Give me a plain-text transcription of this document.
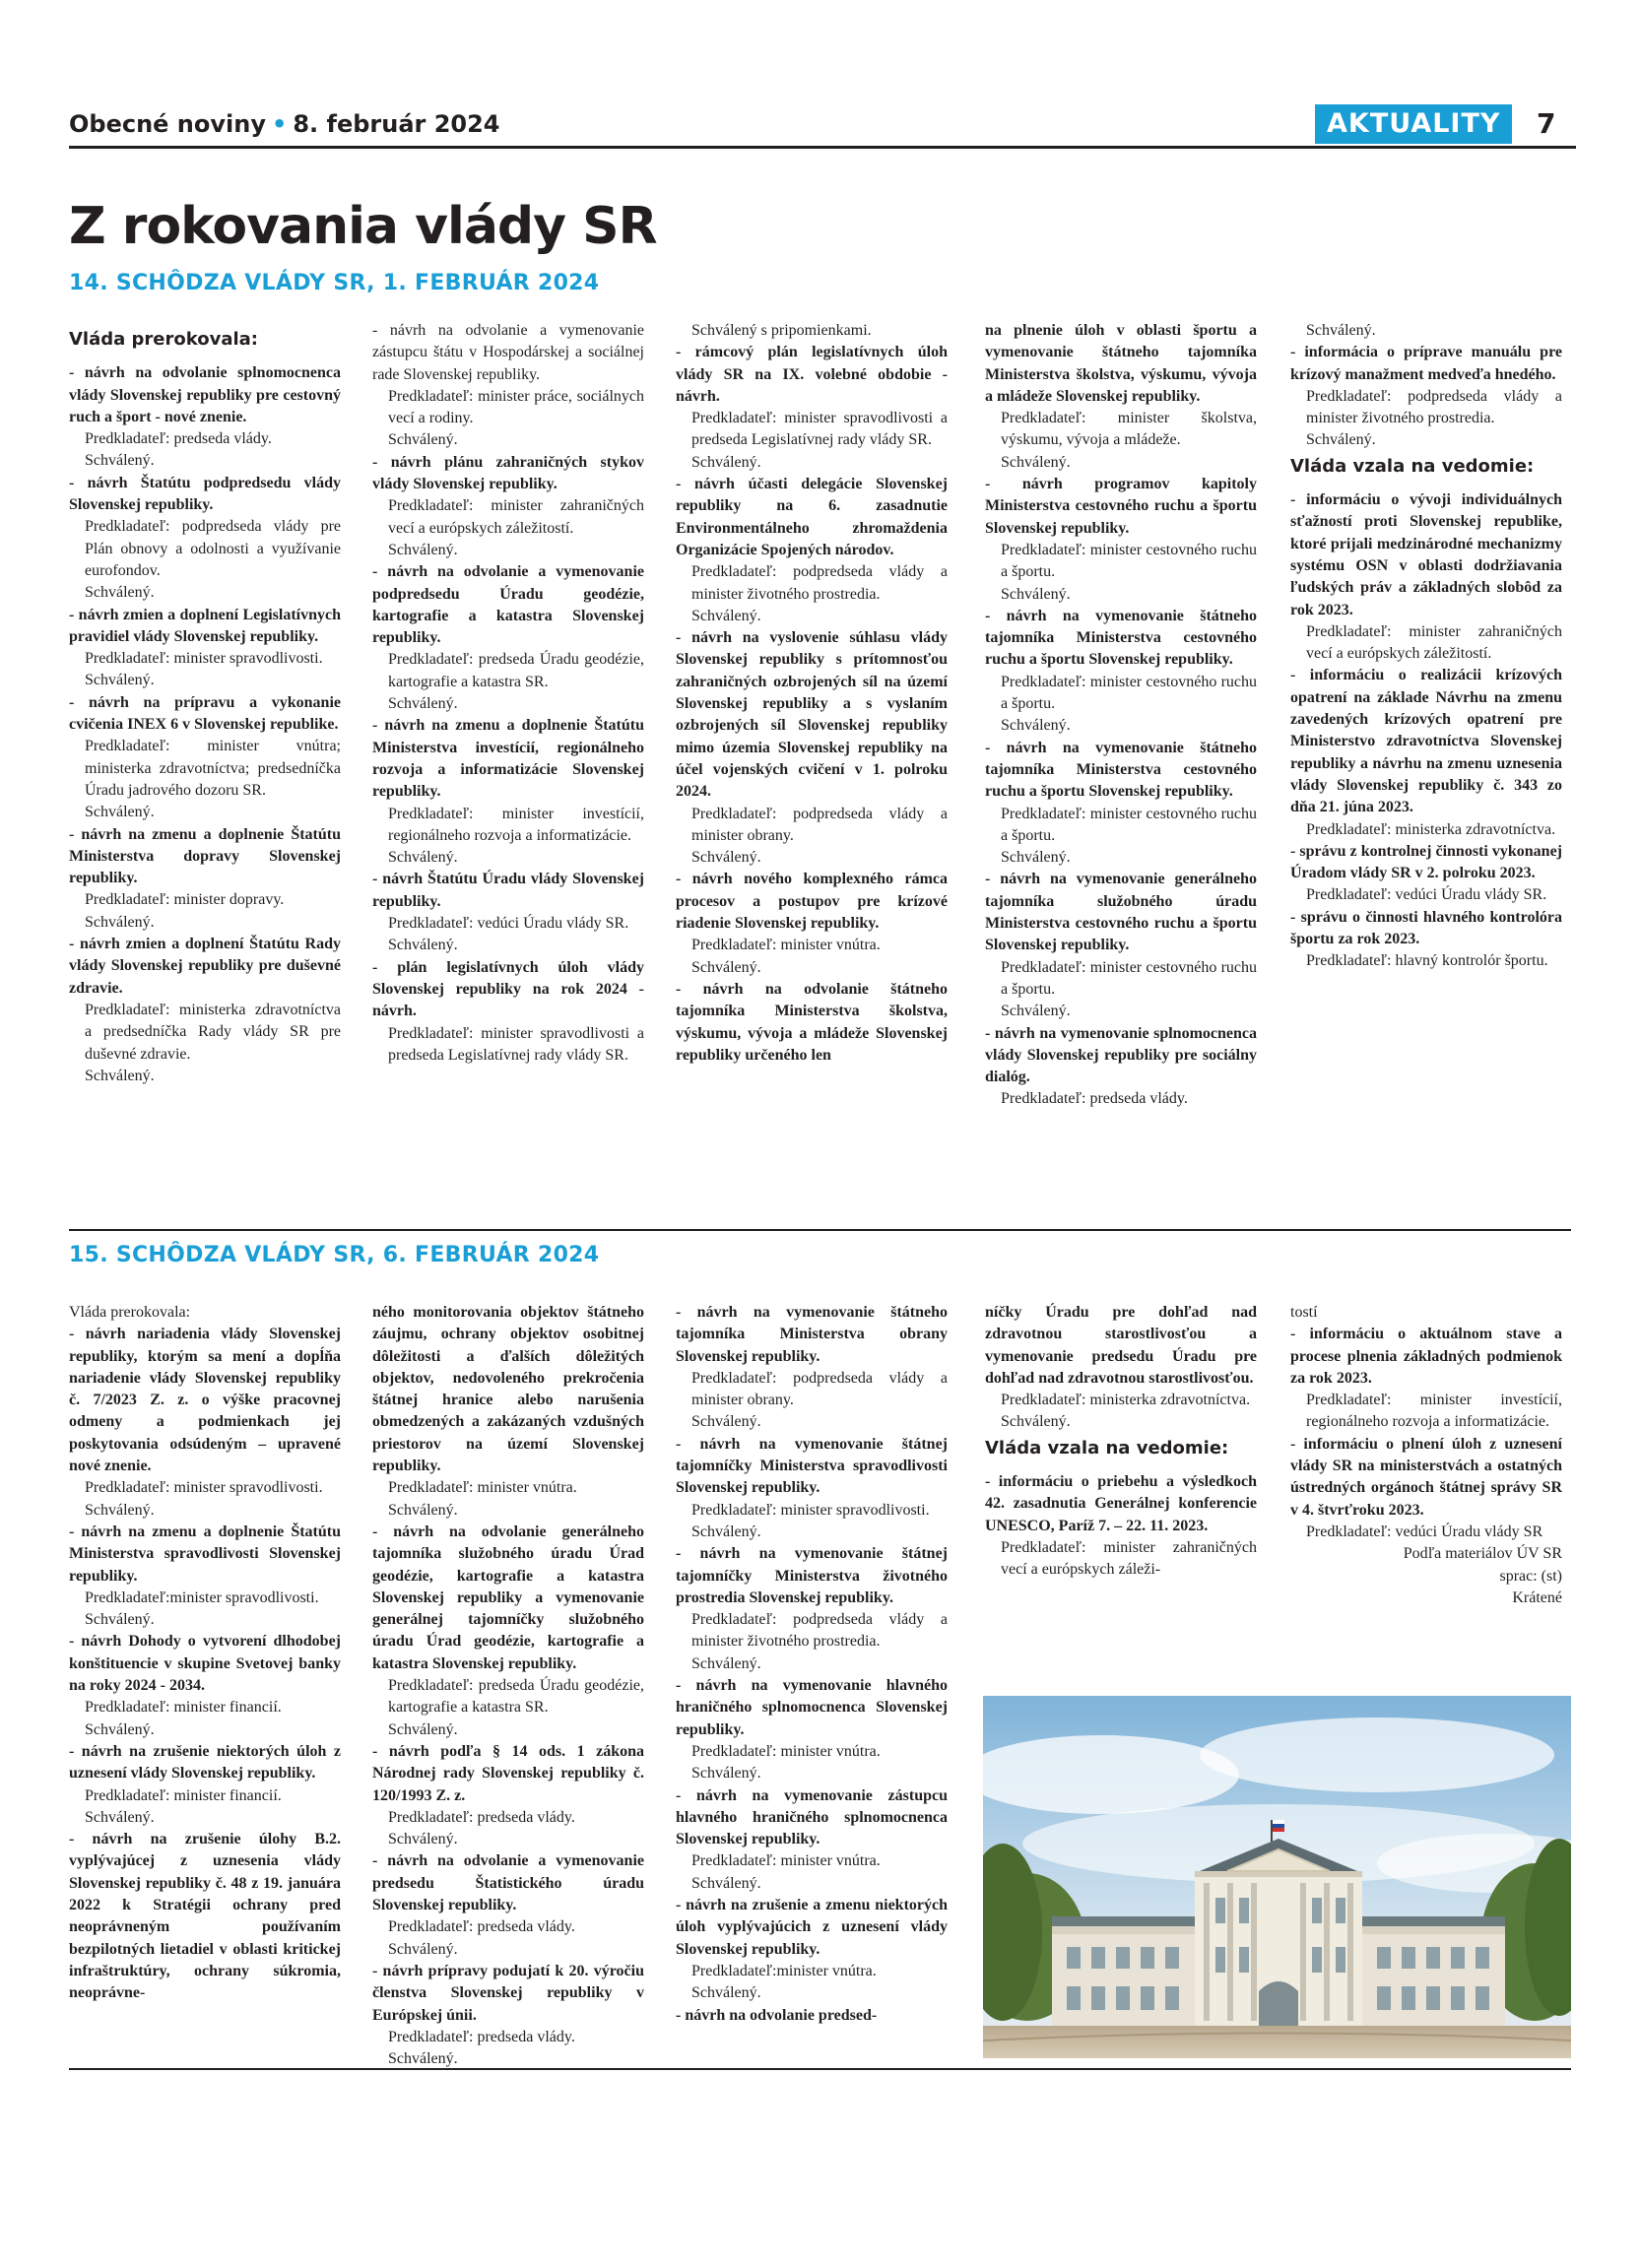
Obecné noviny • 8. február 2024	AKTUALITY	7
Z rokovania vlády SR
14. SCHÔDZA VLÁDY SR, 1. FEBRUÁR 2024
15. SCHÔDZA VLÁDY SR, 6. FEBRUÁR 2024
Vláda prerokovala:
- návrh na odvolanie splnomocnenca vlády Slovenskej republiky pre cestovný ruch a šport - nové znenie.
Predkladateľ: predseda vlády.
Schválený.
- návrh Štatútu podpredsedu vlády Slovenskej republiky.
Predkladateľ: podpredseda vlády pre Plán obnovy a odolnosti a využívanie eurofondov.
Schválený.
- návrh zmien a doplnení Legislatívnych pravidiel vlády Slovenskej republiky.
Predkladateľ: minister spravodlivosti.
Schválený.
- návrh na prípravu a vykonanie cvičenia INEX 6 v Slovenskej republike.
Predkladateľ: minister vnútra; ministerka zdravotníctva; predsedníčka Úradu jadrového dozoru SR.
Schválený.
- návrh na zmenu a doplnenie Štatútu Ministerstva dopravy Slovenskej republiky.
Predkladateľ: minister dopravy.
Schválený.
- návrh zmien a doplnení Štatútu Rady vlády Slovenskej republiky pre duševné zdravie.
Predkladateľ: ministerka zdravotníctva a predsedníčka Rady vlády SR pre duševné zdravie.
Schválený.
- návrh na odvolanie a vymenovanie zástupcu štátu v Hospodárskej a sociálnej rade Slovenskej republiky.
Predkladateľ: minister práce, sociálnych vecí a rodiny.
Schválený.
- návrh plánu zahraničných stykov vlády Slovenskej republiky.
Predkladateľ: minister zahraničných vecí a európskych záležitostí.
Schválený.
- návrh na odvolanie a vymenovanie podpredsedu Úradu geodézie, kartografie a katastra Slovenskej republiky.
Predkladateľ: predseda Úradu geodézie, kartografie a katastra SR.
Schválený.
- návrh na zmenu a doplnenie Štatútu Ministerstva investícií, regionálneho rozvoja a informatizácie Slovenskej republiky.
Predkladateľ: minister investícií, regionálneho rozvoja a informatizácie.
Schválený.
- návrh Štatútu Úradu vlády Slovenskej republiky.
Predkladateľ: vedúci Úradu vlády SR.
Schválený.
- plán legislatívnych úloh vlády Slovenskej republiky na rok 2024 - návrh.
Predkladateľ: minister spravodlivosti a predseda Legislatívnej rady vlády SR.
Schválený s pripomienkami.
- rámcový plán legislatívnych úloh vlády SR na IX. volebné obdobie - návrh.
Predkladateľ: minister spravodlivosti a predseda Legislatívnej rady vlády SR.
Schválený.
- návrh účasti delegácie Slovenskej republiky na 6. zasadnutie Environmentálneho zhromaždenia Organizácie Spojených národov.
Predkladateľ: podpredseda vlády a minister životného prostredia.
Schválený.
- návrh na vyslovenie súhlasu vlády Slovenskej republiky s prítomnosťou zahraničných ozbrojených síl na území Slovenskej republiky a s vyslaním ozbrojených síl Slovenskej republiky mimo územia Slovenskej republiky na účel vojenských cvičení v 1. polroku 2024.
Predkladateľ: podpredseda vlády a minister obrany.
Schválený.
- návrh nového komplexného rámca procesov a postupov pre krízové riadenie Slovenskej republiky.
Predkladateľ: minister vnútra.
Schválený.
- návrh na odvolanie štátneho tajomníka Ministerstva školstva, výskumu, vývoja a mládeže Slovenskej republiky určeného len
na plnenie úloh v oblasti športu a vymenovanie štátneho tajomníka Ministerstva školstva, výskumu, vývoja a mládeže Slovenskej republiky.
Predkladateľ: minister školstva, výskumu, vývoja a mládeže.
Schválený.
- návrh programov kapitoly Ministerstva cestovného ruchu a športu Slovenskej republiky.
Predkladateľ: minister cestovného ruchu a športu.
Schválený.
- návrh na vymenovanie štátneho tajomníka Ministerstva cestovného ruchu a športu Slovenskej republiky.
Predkladateľ: minister cestovného ruchu a športu.
Schválený.
- návrh na vymenovanie štátneho tajomníka Ministerstva cestovného ruchu a športu Slovenskej republiky.
Predkladateľ: minister cestovného ruchu a športu.
Schválený.
- návrh na vymenovanie generálneho tajomníka služobného úradu Ministerstva cestovného ruchu a športu Slovenskej republiky.
Predkladateľ: minister cestovného ruchu a športu.
Schválený.
- návrh na vymenovanie splnomocnenca vlády Slovenskej republiky pre sociálny dialóg.
Predkladateľ: predseda vlády.
Schválený.
- informácia o príprave manuálu pre krízový manažment medveďa hnedého.
Predkladateľ: podpredseda vlády a minister životného prostredia.
Schválený.
Vláda vzala na vedomie:
- informáciu o vývoji individuálnych sťažností proti Slovenskej republike, ktoré prijali medzinárodné mechanizmy systému OSN v oblasti dodržiavania ľudských práv a základných slobôd za rok 2023.
Predkladateľ: minister zahraničných vecí a európskych záležitostí.
- informáciu o realizácii krízových opatrení na základe Návrhu na zmenu zavedených krízových opatrení pre Ministerstvo zdravotníctva Slovenskej republiky a návrhu na zmenu uznesenia vlády Slovenskej republiky č. 343 zo dňa 21. júna 2023.
Predkladateľ: ministerka zdravotníctva.
- správu z kontrolnej činnosti vykonanej Úradom vlády SR v 2. polroku 2023.
Predkladateľ: vedúci Úradu vlády SR.
- správu o činnosti hlavného kontrolóra športu za rok 2023.
Predkladateľ: hlavný kontrolór športu.
Vláda prerokovala:
- návrh nariadenia vlády Slovenskej republiky, ktorým sa mení a dopĺňa nariadenie vlády Slovenskej republiky č. 7/2023 Z. z. o výške pracovnej odmeny a podmienkach jej poskytovania odsúdeným – upravené nové znenie.
Predkladateľ: minister spravodlivosti.
Schválený.
- návrh na zmenu a doplnenie Štatútu Ministerstva spravodlivosti Slovenskej republiky.
Predkladateľ:minister spravodlivosti.
Schválený.
- návrh Dohody o vytvorení dlhodobej konštituencie v skupine Svetovej banky na roky 2024 - 2034.
Predkladateľ: minister financií.
Schválený.
- návrh na zrušenie niektorých úloh z uznesení vlády Slovenskej republiky.
Predkladateľ: minister financií.
Schválený.
- návrh na zrušenie úlohy B.2. vyplývajúcej z uznesenia vlády Slovenskej republiky č. 48 z 19. januára 2022 k Stratégii ochrany pred neoprávneným používaním bezpilotných lietadiel v oblasti kritickej infraštruktúry, ochrany súkromia, neoprávne-
ného monitorovania objektov štátneho záujmu, ochrany objektov osobitnej dôležitosti a ďalších dôležitých objektov, nedovoleného prekročenia štátnej hranice alebo narušenia obmedzených a zakázaných vzdušných priestorov na území Slovenskej republiky.
Predkladateľ: minister vnútra.
Schválený.
- návrh na odvolanie generálneho tajomníka služobného úradu Úrad geodézie, kartografie a katastra Slovenskej republiky a vymenovanie generálnej tajomníčky služobného úradu Úrad geodézie, kartografie a katastra Slovenskej republiky.
Predkladateľ: predseda Úradu geodézie, kartografie a katastra SR.
Schválený.
- návrh podľa § 14 ods. 1 zákona Národnej rady Slovenskej republiky č. 120/1993 Z. z.
Predkladateľ: predseda vlády.
Schválený.
- návrh na odvolanie a vymenovanie predsedu Štatistického úradu Slovenskej republiky.
Predkladateľ: predseda vlády.
Schválený.
- návrh prípravy podujatí k 20. výročiu členstva Slovenskej republiky v Európskej únii.
Predkladateľ: predseda vlády.
Schválený.
- návrh na vymenovanie štátneho tajomníka Ministerstva obrany Slovenskej republiky.
Predkladateľ: podpredseda vlády a minister obrany.
Schválený.
- návrh na vymenovanie štátnej tajomníčky Ministerstva spravodlivosti Slovenskej republiky.
Predkladateľ: minister spravodlivosti.
Schválený.
- návrh na vymenovanie štátnej tajomníčky Ministerstva životného prostredia Slovenskej republiky.
Predkladateľ: podpredseda vlády a minister životného prostredia.
Schválený.
- návrh na vymenovanie hlavného hraničného splnomocnenca Slovenskej republiky.
Predkladateľ: minister vnútra.
Schválený.
- návrh na vymenovanie zástupcu hlavného hraničného splnomocnenca Slovenskej republiky.
Predkladateľ: minister vnútra.
Schválený.
- návrh na zrušenie a zmenu niektorých úloh vyplývajúcich z uznesení vlády Slovenskej republiky.
Predkladateľ:minister vnútra.
Schválený.
- návrh na odvolanie predsed-
níčky Úradu pre dohľad nad zdravotnou starostlivosťou a vymenovanie predsedu Úradu pre dohľad nad zdravotnou starostlivosťou.
Predkladateľ: ministerka zdravotníctva.
Schválený.
Vláda vzala na vedomie:
- informáciu o priebehu a výsledkoch 42. zasadnutia Generálnej konferencie UNESCO, Paríž 7. – 22. 11. 2023.
Predkladateľ: minister zahraničných vecí a európskych záleži-
tostí
- informáciu o aktuálnom stave a procese plnenia základných podmienok za rok 2023.
Predkladateľ: minister investícií, regionálneho rozvoja a informatizácie.
- informáciu o plnení úloh z uznesení vlády SR na ministerstvách a ostatných ústredných orgánoch štátnej správy SR v 4. štvrťroku 2023.
Predkladateľ: vedúci Úradu vlády SR
Podľa materiálov ÚV SR
sprac: (st)
Krátené
